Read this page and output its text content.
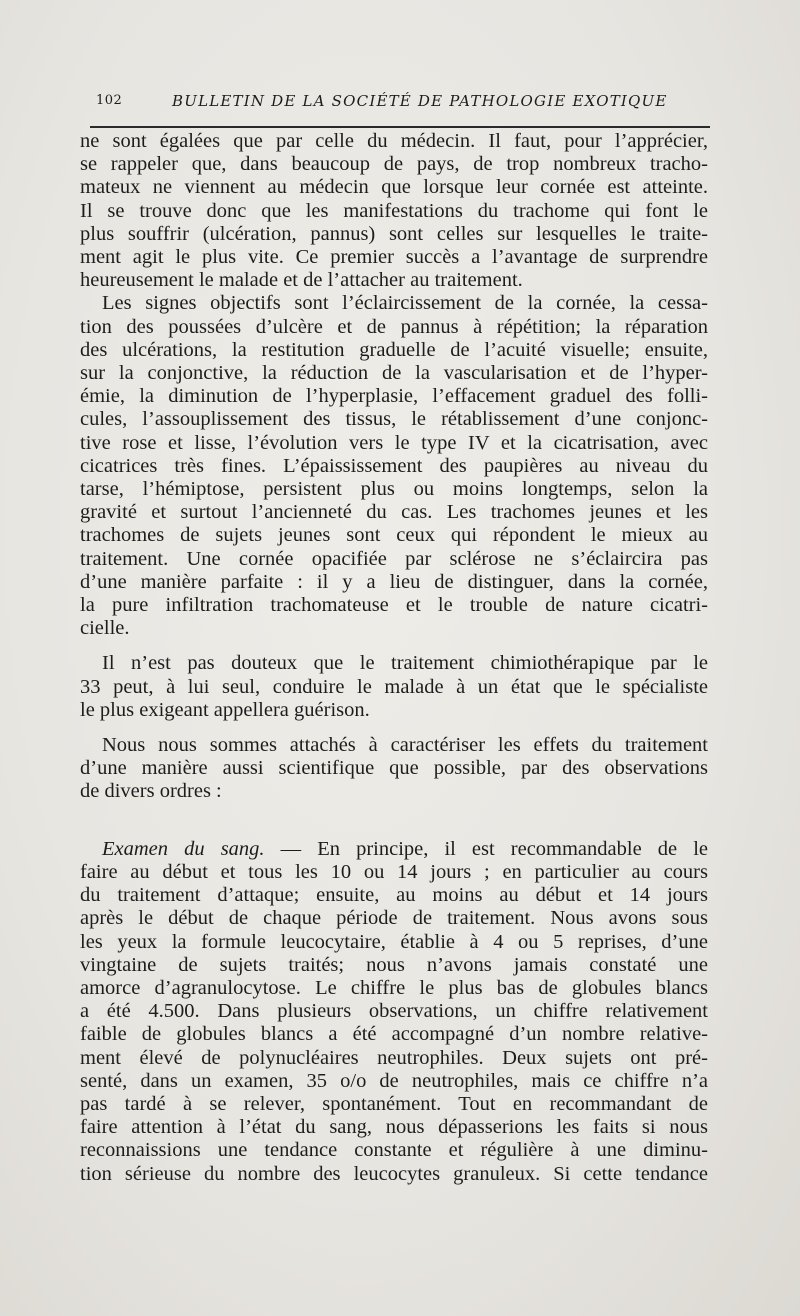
102	BULLETIN DE LA SOCIÉTÉ DE PATHOLOGIE EXOTIQUE

ne sont égalées que par celle du médecin. Il faut, pour l’apprécier,
se rappeler que, dans beaucoup de pays, de trop nombreux tracho-
mateux ne viennent au médecin que lorsque leur cornée est atteinte.
Il se trouve donc que les manifestations du trachome qui font le
plus souffrir (ulcération, pannus) sont celles sur lesquelles le traite-
ment agit le plus vite. Ce premier succès a l’avantage de surprendre
heureusement le malade et de l’attacher au traitement.

Les signes objectifs sont l’éclaircissement de la cornée, la cessa-
tion des poussées d’ulcère et de pannus à répétition; la réparation
des ulcérations, la restitution graduelle de l’acuité visuelle; ensuite,
sur la conjonctive, la réduction de la vascularisation et de l’hyper-
émie, la diminution de l’hyperplasie, l’effacement graduel des folli-
cules, l’assouplissement des tissus, le rétablissement d’une conjonc-
tive rose et lisse, l’évolution vers le type IV et la cicatrisation, avec
cicatrices très fines. L’épaississement des paupières au niveau du
tarse, l’hémiptose, persistent plus ou moins longtemps, selon la
gravité et surtout l’ancienneté du cas. Les trachomes jeunes et les
trachomes de sujets jeunes sont ceux qui répondent le mieux au
traitement. Une cornée opacifiée par sclérose ne s’éclaircira pas
d’une manière parfaite : il y a lieu de distinguer, dans la cornée,
la pure infiltration trachomateuse et le trouble de nature cicatri-
cielle.

Il n’est pas douteux que le traitement chimiothérapique par le
33 peut, à lui seul, conduire le malade à un état que le spécialiste
le plus exigeant appellera guérison.

Nous nous sommes attachés à caractériser les effets du traitement
d’une manière aussi scientifique que possible, par des observations
de divers ordres :

Examen du sang. — En principe, il est recommandable de le
faire au début et tous les 10 ou 14 jours ; en particulier au cours
du traitement d’attaque; ensuite, au moins au début et 14 jours
après le début de chaque période de traitement. Nous avons sous
les yeux la formule leucocytaire, établie à 4 ou 5 reprises, d’une
vingtaine de sujets traités; nous n’avons jamais constaté une
amorce d’agranulocytose. Le chiffre le plus bas de globules blancs
a été 4.500. Dans plusieurs observations, un chiffre relativement
faible de globules blancs a été accompagné d’un nombre relative-
ment élevé de polynucléaires neutrophiles. Deux sujets ont pré-
senté, dans un examen, 35 o/o de neutrophiles, mais ce chiffre n’a
pas tardé à se relever, spontanément. Tout en recommandant de
faire attention à l’état du sang, nous dépasserions les faits si nous
reconnaissions une tendance constante et régulière à une diminu-
tion sérieuse du nombre des leucocytes granuleux. Si cette tendance
